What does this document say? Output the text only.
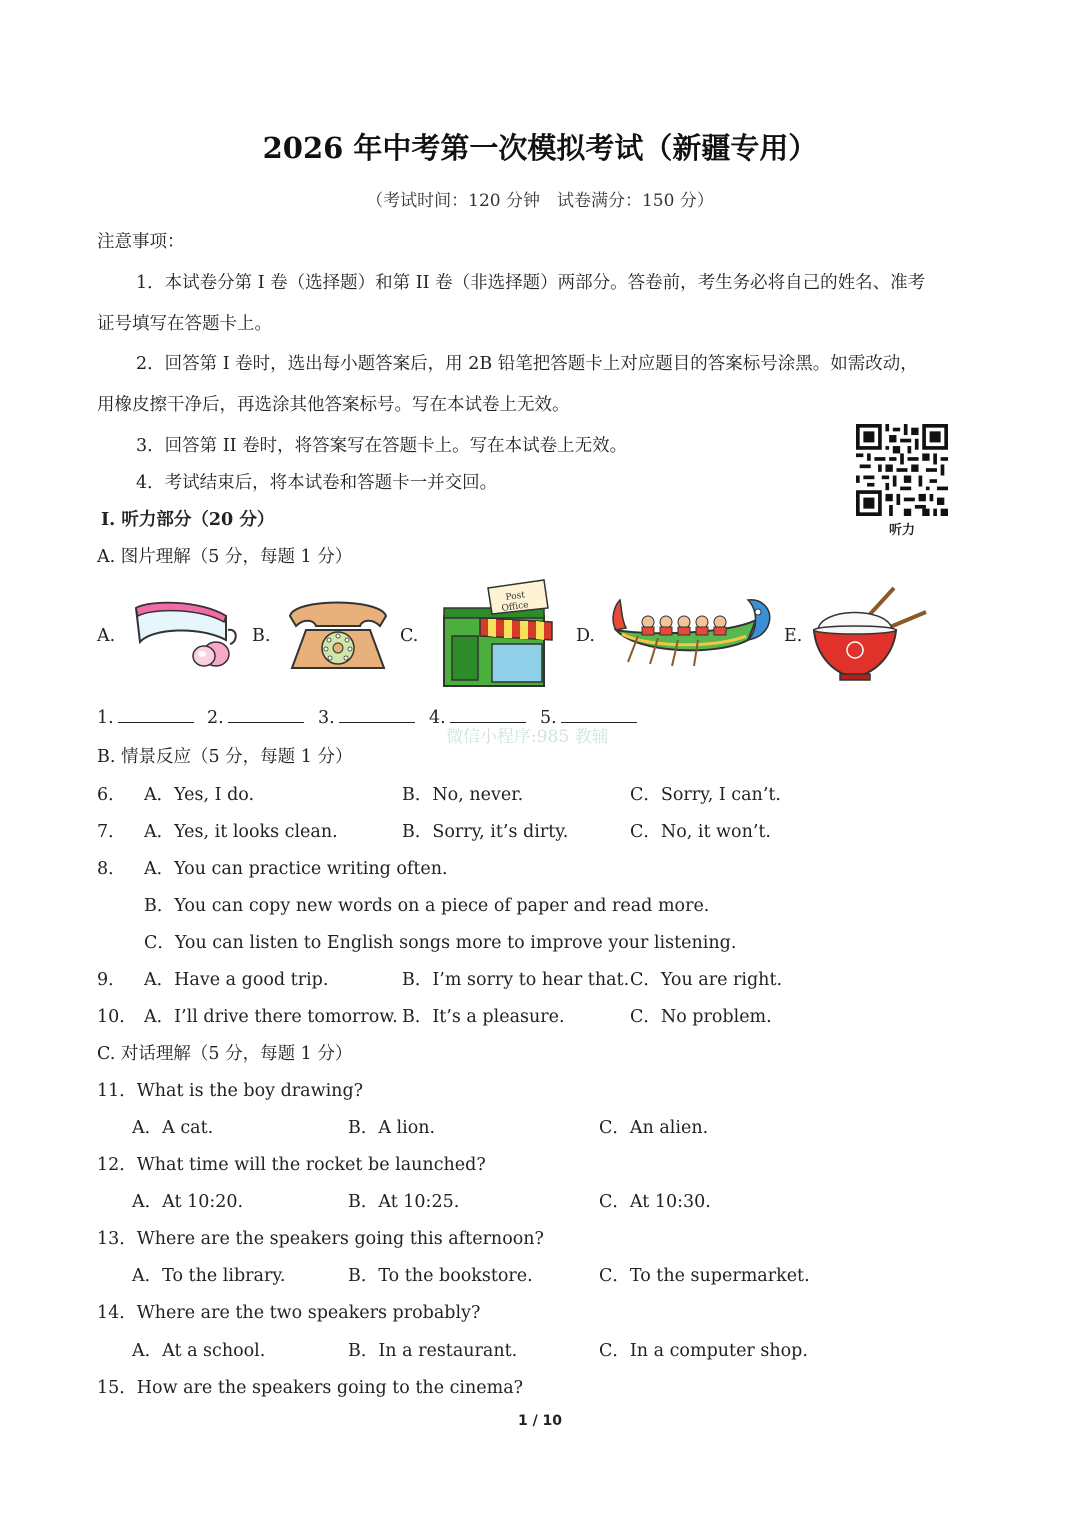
2026 年中考第一次模拟考试（新疆专用）
（考试时间：120 分钟　试卷满分：150 分）
注意事项：
1．本试卷分第 I 卷（选择题）和第 II 卷（非选择题）两部分。答卷前，考生务必将自己的姓名、准考
证号填写在答题卡上。
2．回答第 I 卷时，选出每小题答案后，用 2B 铅笔把答题卡上对应题目的答案标号涂黑。如需改动，
用橡皮擦干净后，再选涂其他答案标号。写在本试卷上无效。
3．回答第 II 卷时，将答案写在答题卡上。写在本试卷上无效。
4．考试结束后，将本试卷和答题卡一并交回。
听力
Ⅰ. 听力部分（20 分）
A. 图片理解（5 分，每题 1 分）
A.	B.	C.
Post
Office
D.	E.
1.	2.	3.	4.	5.
微信小程序:985 教辅
B. 情景反应（5 分，每题 1 分）
6． A．Yes, I do.	B．No, never.	C．Sorry, I can’t.
7． A．Yes, it looks clean.	B．Sorry, it’s dirty.	C．No, it won’t.
8． A．You can practice writing often.
B．You can copy new words on a piece of paper and read more.
C．You can listen to English songs more to improve your listening.
9． A．Have a good trip.	B．I’m sorry to hear that. C．You are right.
10． A．I’ll drive there tomorrow. B．It’s a pleasure.	C．No problem.
C. 对话理解（5 分，每题 1 分）
11．What is the boy drawing?
A．A cat.	B．A lion.	C．An alien.
12．What time will the rocket be launched?
A．At 10:20.	B．At 10:25.	C．At 10:30.
13．Where are the speakers going this afternoon?
A．To the library.	B．To the bookstore.	C．To the supermarket.
14．Where are the two speakers probably?
A．At a school.	B．In a restaurant.	C．In a computer shop.
15．How are the speakers going to the cinema?
1 / 10
